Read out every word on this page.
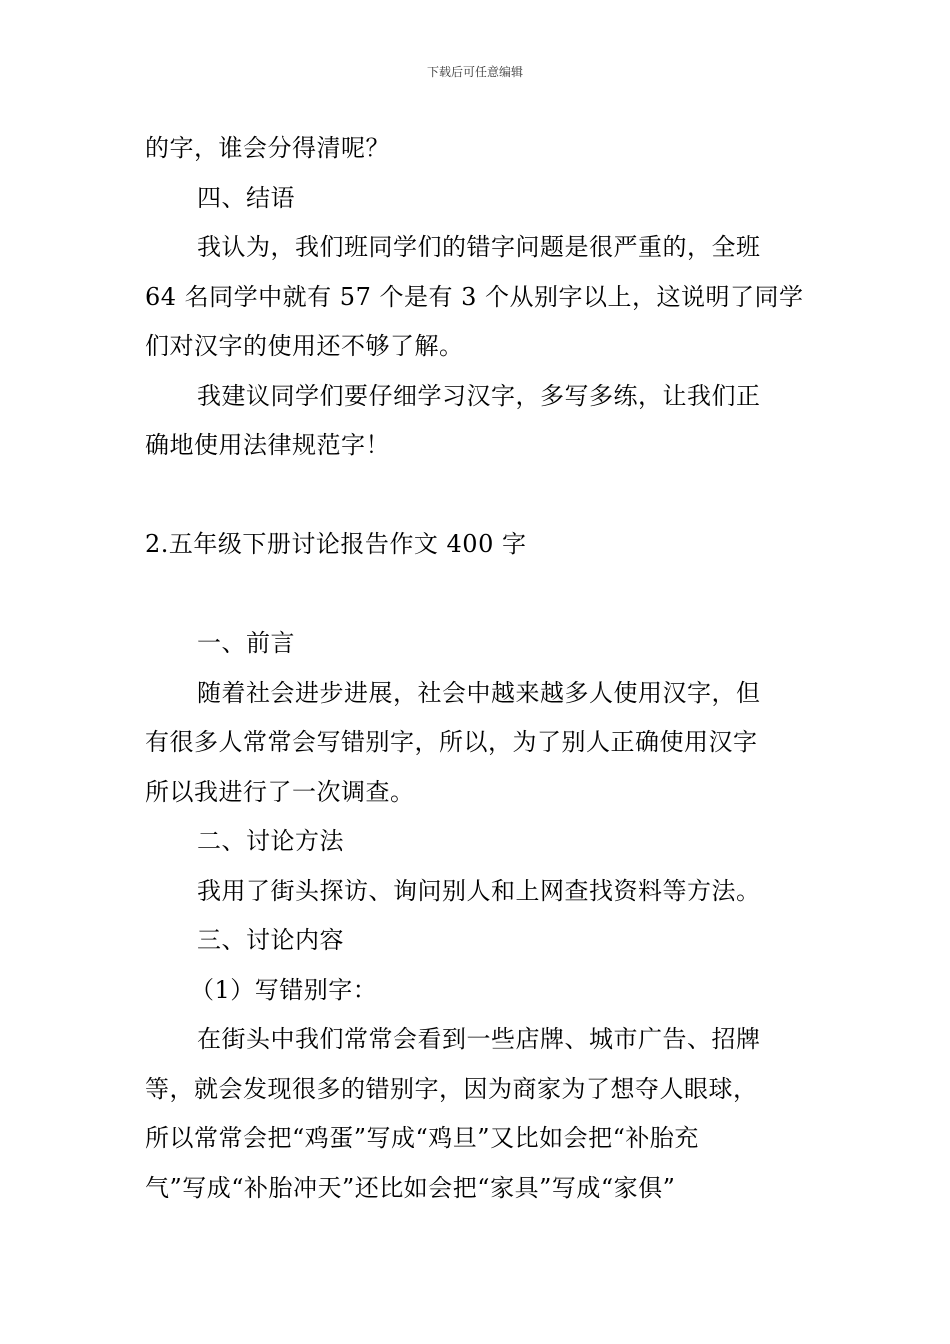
下载后可任意编辑
的字，谁会分得清呢？
四、结语
我认为，我们班同学们的错字问题是很严重的，全班
64 名同学中就有 57 个是有 3 个从别字以上，这说明了同学
们对汉字的使用还不够了解。
我建议同学们要仔细学习汉字，多写多练，让我们正
确地使用法律规范字！
2.五年级下册讨论报告作文 400 字
一、前言
随着社会进步进展，社会中越来越多人使用汉字，但
有很多人常常会写错别字，所以，为了别人正确使用汉字
所以我进行了一次调查。
二、讨论方法
我用了街头探访、询问别人和上网查找资料等方法。
三、讨论内容
（1）写错别字：
在街头中我们常常会看到一些店牌、城市广告、招牌
等，就会发现很多的错别字，因为商家为了想夺人眼球，
所以常常会把“鸡蛋”写成“鸡旦”又比如会把“补胎充
气”写成“补胎冲天”还比如会把“家具”写成“家俱”
